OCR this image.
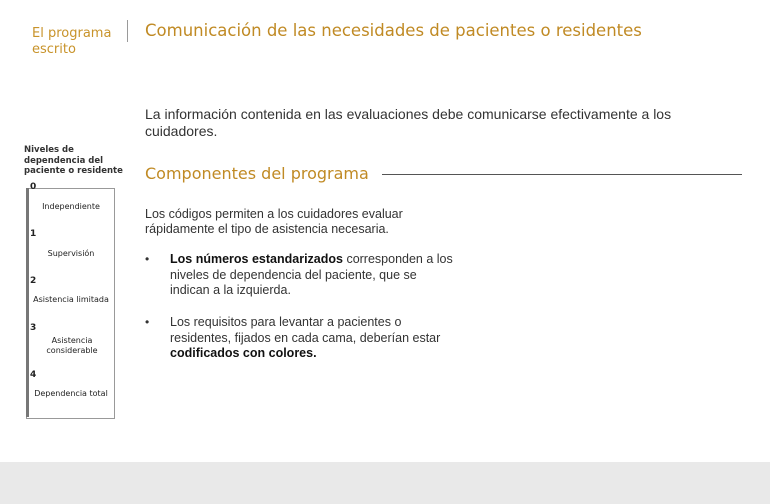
El programa escrito
Comunicación de las necesidades de pacientes o residentes
La información contenida en las evaluaciones debe comunicarse efectivamente a los cuidadores.
Componentes del programa
Los códigos permiten a los cuidadores evaluar rápidamente el tipo de asistencia necesaria.
• Los números estandarizados corresponden a los niveles de dependencia del paciente, que se indican a la izquierda.
• Los requisitos para levantar a pacientes o residentes, fijados en cada cama, deberían estar codificados con colores.
Niveles de dependencia del paciente o residente
0
Independiente
1
Supervisión
2
Asistencia limitada
3
Asistencia considerable
4
Dependencia total
